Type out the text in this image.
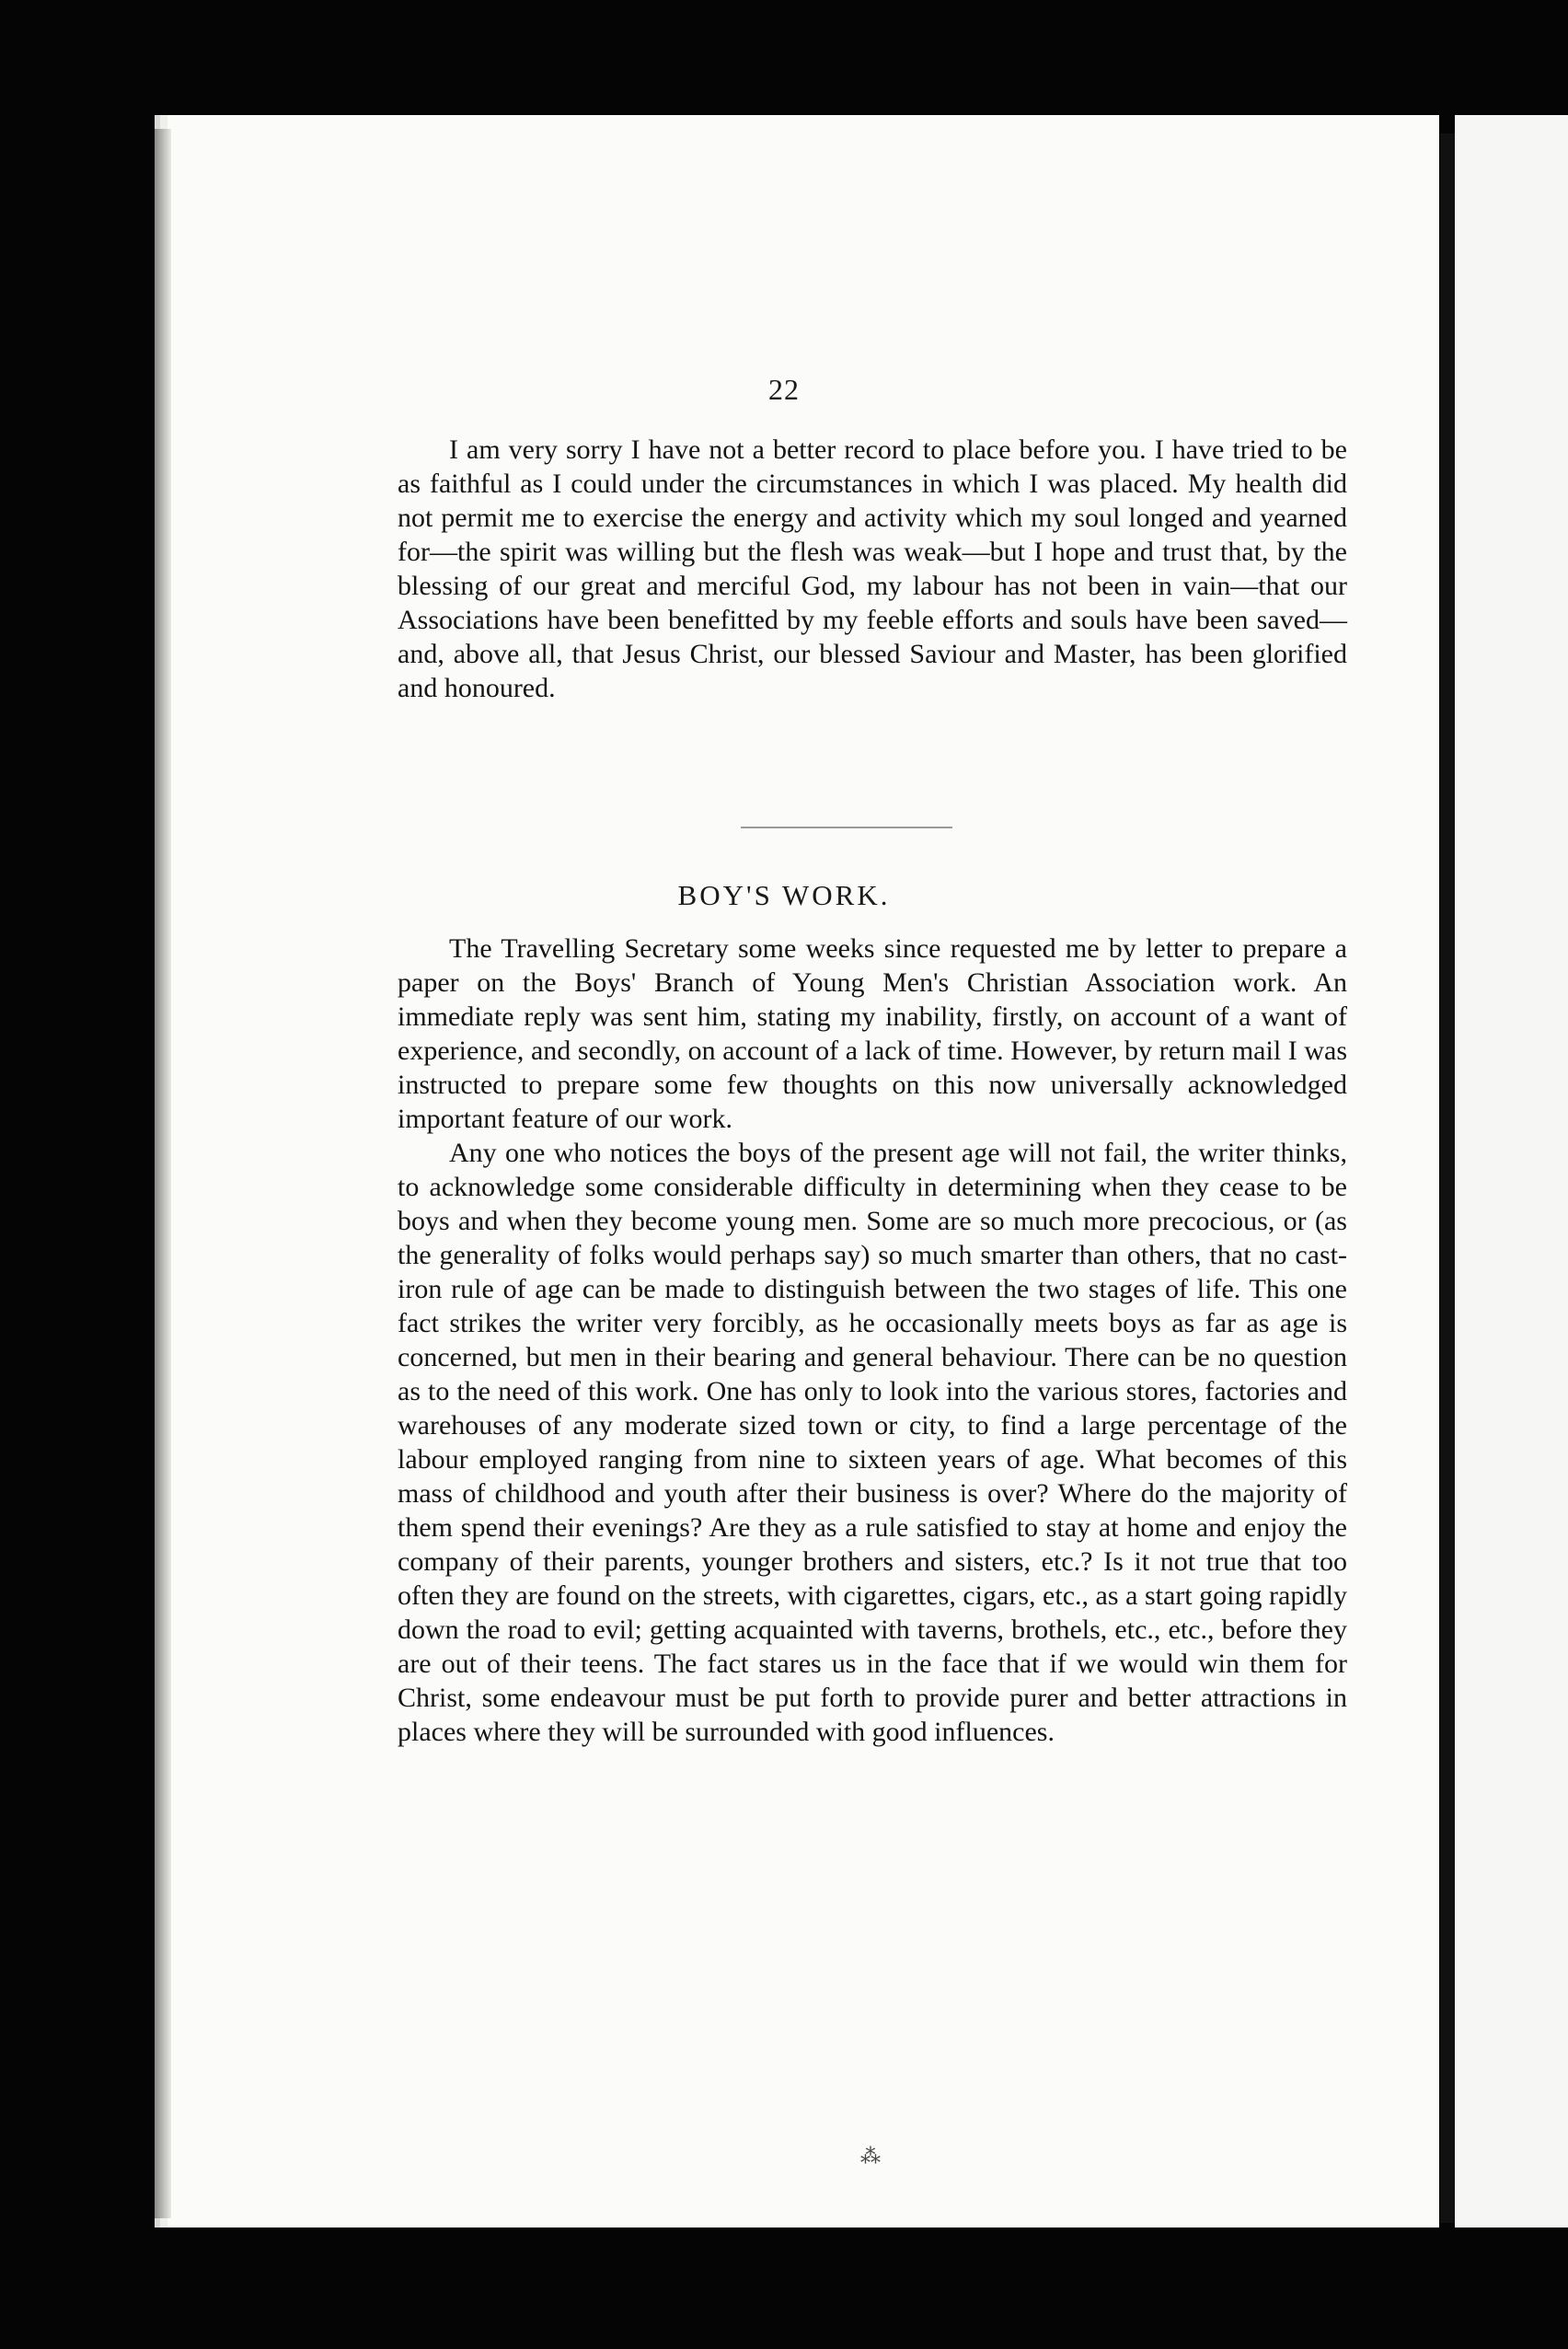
22

I am very sorry I have not a better record to place before you. I have tried to be as faithful as I could under the circumstances in which I was placed. My health did not permit me to exercise the energy and activity which my soul longed and yearned for—the spirit was willing but the flesh was weak—but I hope and trust that, by the blessing of our great and merciful God, my labour has not been in vain—that our Associations have been benefitted by my feeble efforts and souls have been saved—and, above all, that Jesus Christ, our blessed Saviour and Master, has been glorified and honoured.

BOY'S WORK.

The Travelling Secretary some weeks since requested me by letter to prepare a paper on the Boys' Branch of Young Men's Christian Association work. An immediate reply was sent him, stating my inability, firstly, on account of a want of experience, and secondly, on account of a lack of time. However, by return mail I was instructed to prepare some few thoughts on this now universally acknowledged important feature of our work.

Any one who notices the boys of the present age will not fail, the writer thinks, to acknowledge some considerable difficulty in determining when they cease to be boys and when they become young men. Some are so much more precocious, or (as the generality of folks would perhaps say) so much smarter than others, that no cast-iron rule of age can be made to distinguish between the two stages of life. This one fact strikes the writer very forcibly, as he occasionally meets boys as far as age is concerned, but men in their bearing and general behaviour. There can be no question as to the need of this work. One has only to look into the various stores, factories and warehouses of any moderate sized town or city, to find a large percentage of the labour employed ranging from nine to sixteen years of age. What becomes of this mass of childhood and youth after their business is over? Where do the majority of them spend their evenings? Are they as a rule satisfied to stay at home and enjoy the company of their parents, younger brothers and sisters, etc.? Is it not true that too often they are found on the streets, with cigarettes, cigars, etc., as a start going rapidly down the road to evil; getting acquainted with taverns, brothels, etc., etc., before they are out of their teens. The fact stares us in the face that if we would win them for Christ, some endeavour must be put forth to provide purer and better attractions in places where they will be surrounded with good influences.

⁂
